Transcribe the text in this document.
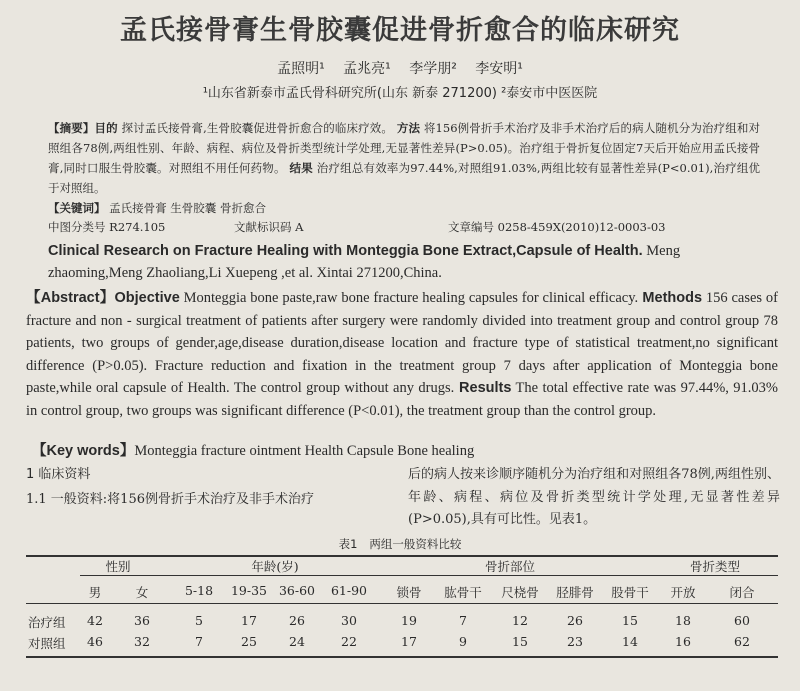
孟氏接骨膏生骨胶囊促进骨折愈合的临床研究
孟照明¹ 孟兆亮¹ 李学朋² 李安明¹
¹山东省新泰市孟氏骨科研究所(山东 新泰 271200) ²泰安市中医医院
【摘要】目的 探讨孟氏接骨膏,生骨胶囊促进骨折愈合的临床疗效。 方法 将156例骨折手术治疗及非手术治疗后的病人随机分为治疗组和对照组各78例,两组性别、年龄、病程、病位及骨折类型统计学处理,无显著性差异(P>0.05)。治疗组于骨折复位固定7天后开始应用孟氏接骨膏,同时口服生骨胶囊。对照组不用任何药物。 结果 治疗组总有效率为97.44%,对照组91.03%,两组比较有显著性差异(P<0.01),治疗组优于对照组。
【关键词】 孟氏接骨膏 生骨胶囊 骨折愈合
中图分类号 R274.105	文献标识码 A	文章编号 0258-459X(2010)12-0003-03
Clinical Research on Fracture Healing with Monteggia Bone Extract,Capsule of Health. Meng zhaoming,Meng Zhaoliang,Li Xuepeng ,et al. Xintai 271200,China.
【Abstract】Objective Monteggia bone paste,raw bone fracture healing capsules for clinical efficacy. Methods 156 cases of fracture and non - surgical treatment of patients after surgery were randomly divided into treatment group and control group 78 patients, two groups of gender,age,disease duration,disease location and fracture type of statistical treatment,no significant difference (P>0.05). Fracture reduction and fixation in the treatment group 7 days after application of Monteggia bone paste,while oral capsule of Health. The control group without any drugs. Results The total effective rate was 97.44%, 91.03% in control group, two groups was significant difference (P<0.01), the treatment group than the control group.
【Key words】Monteggia fracture ointment Health Capsule Bone healing
1 临床资料
1.1 一般资料:将156例骨折手术治疗及非手术治疗
后的病人按来诊顺序随机分为治疗组和对照组各78例,两组性别、年龄、病程、病位及骨折类型统计学处理,无显著性差异(P>0.05),具有可比性。见表1。
表1 两组一般资料比较
性别	年龄(岁)	骨折部位	骨折类型
男	女	5-18 19-35 36-60 61-90 锁骨 肱骨干 尺桡骨 胫腓骨 股骨干 开放	闭合
治疗组 42 36	5	17	26	30	19	7	12	26	15	18	60
对照组 46 32	7	25	24	22	17	9	15	23	14	16	62
